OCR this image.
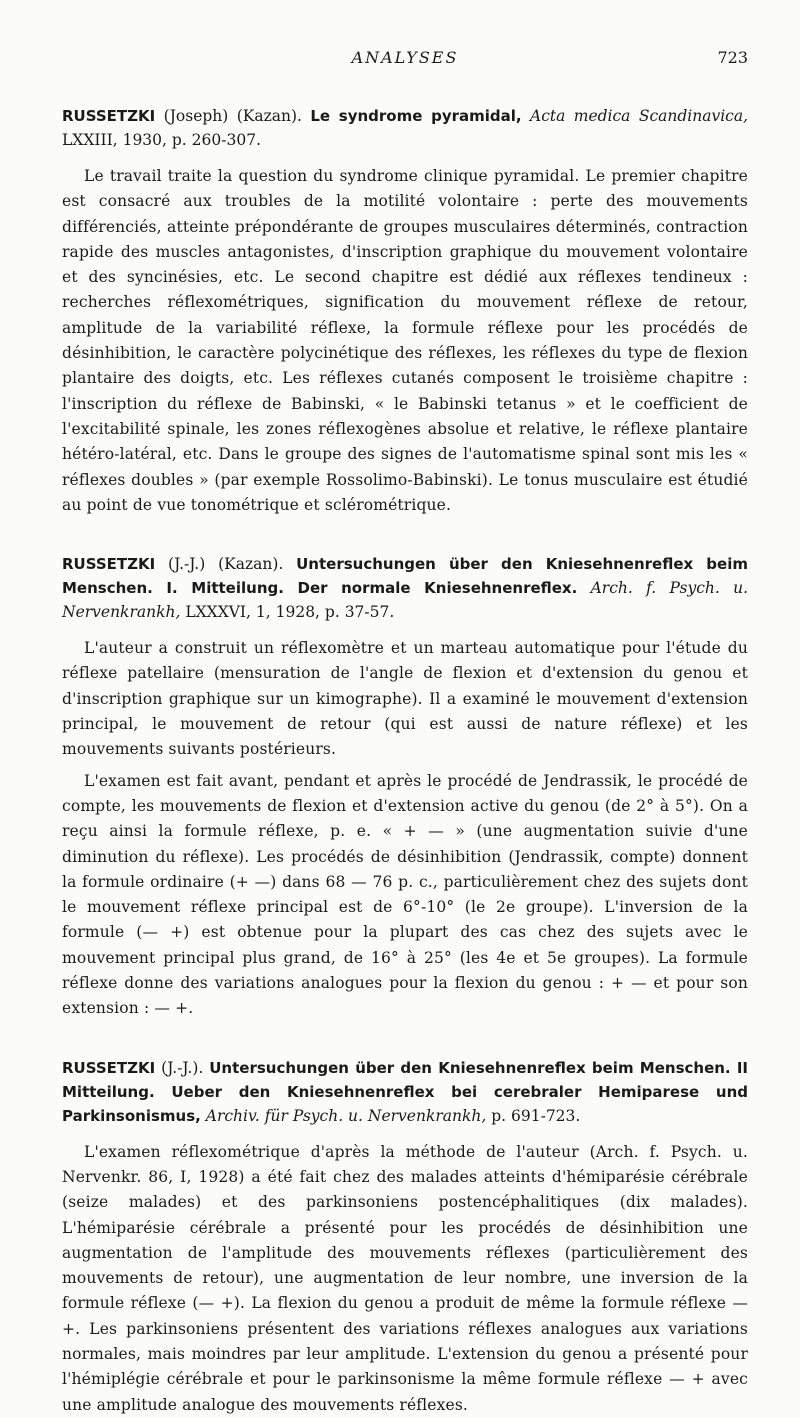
ANALYSES	723

RUSSETZKI (Joseph) (Kazan). Le syndrome pyramidal, Acta medica Scandinavica, LXXIII, 1930, p. 260-307.

Le travail traite la question du syndrome clinique pyramidal. Le premier chapitre est consacré aux troubles de la motilité volontaire : perte des mouvements différenciés, atteinte prépondérante de groupes musculaires déterminés, contraction rapide des muscles antagonistes, d'inscription graphique du mouvement volontaire et des syncinésies, etc. Le second chapitre est dédié aux réflexes tendineux : recherches réflexométriques, signification du mouvement réflexe de retour, amplitude de la variabilité réflexe, la formule réflexe pour les procédés de désinhibition, le caractère polycinétique des réflexes, les réflexes du type de flexion plantaire des doigts, etc. Les réflexes cutanés composent le troisième chapitre : l'inscription du réflexe de Babinski, « le Babinski tetanus » et le coefficient de l'excitabilité spinale, les zones réflexogènes absolue et relative, le réflexe plantaire hétéro-latéral, etc. Dans le groupe des signes de l'automatisme spinal sont mis les « réflexes doubles » (par exemple Rossolimo-Babinski). Le tonus musculaire est étudié au point de vue tonométrique et sclérométrique.

RUSSETZKI (J.-J.) (Kazan). Untersuchungen über den Kniesehnenreflex beim Menschen. I. Mitteilung. Der normale Kniesehnenreflex. Arch. f. Psych. u. Nervenkrankh, LXXXVI, 1, 1928, p. 37-57.

L'auteur a construit un réflexomètre et un marteau automatique pour l'étude du réflexe patellaire (mensuration de l'angle de flexion et d'extension du genou et d'inscription graphique sur un kimographe). Il a examiné le mouvement d'extension principal, le mouvement de retour (qui est aussi de nature réflexe) et les mouvements suivants postérieurs.

L'examen est fait avant, pendant et après le procédé de Jendrassik, le procédé de compte, les mouvements de flexion et d'extension active du genou (de 2° à 5°). On a reçu ainsi la formule réflexe, p. e. « + — » (une augmentation suivie d'une diminution du réflexe). Les procédés de désinhibition (Jendrassik, compte) donnent la formule ordinaire (+ —) dans 68 — 76 p. c., particulièrement chez des sujets dont le mouvement réflexe principal est de 6°-10° (le 2e groupe). L'inversion de la formule (— +) est obtenue pour la plupart des cas chez des sujets avec le mouvement principal plus grand, de 16° à 25° (les 4e et 5e groupes). La formule réflexe donne des variations analogues pour la flexion du genou : + — et pour son extension : — +.

RUSSETZKI (J.-J.). Untersuchungen über den Kniesehnenreflex beim Menschen. II Mitteilung. Ueber den Kniesehnenreflex bei cerebraler Hemiparese und Parkinsonismus, Archiv. für Psych. u. Nervenkrankh, p. 691-723.

L'examen réflexométrique d'après la méthode de l'auteur (Arch. f. Psych. u. Nervenkr. 86, I, 1928) a été fait chez des malades atteints d'hémiparésie cérébrale (seize malades) et des parkinsoniens postencéphalitiques (dix malades). L'hémiparésie cérébrale a présenté pour les procédés de désinhibition une augmentation de l'amplitude des mouvements réflexes (particulièrement des mouvements de retour), une augmentation de leur nombre, une inversion de la formule réflexe (— +). La flexion du genou a produit de même la formule réflexe — +. Les parkinsoniens présentent des variations réflexes analogues aux variations normales, mais moindres par leur amplitude. L'extension du genou a présenté pour l'hémiplégie cérébrale et pour le parkinsonisme la même formule réflexe — + avec une amplitude analogue des mouvements réflexes.
